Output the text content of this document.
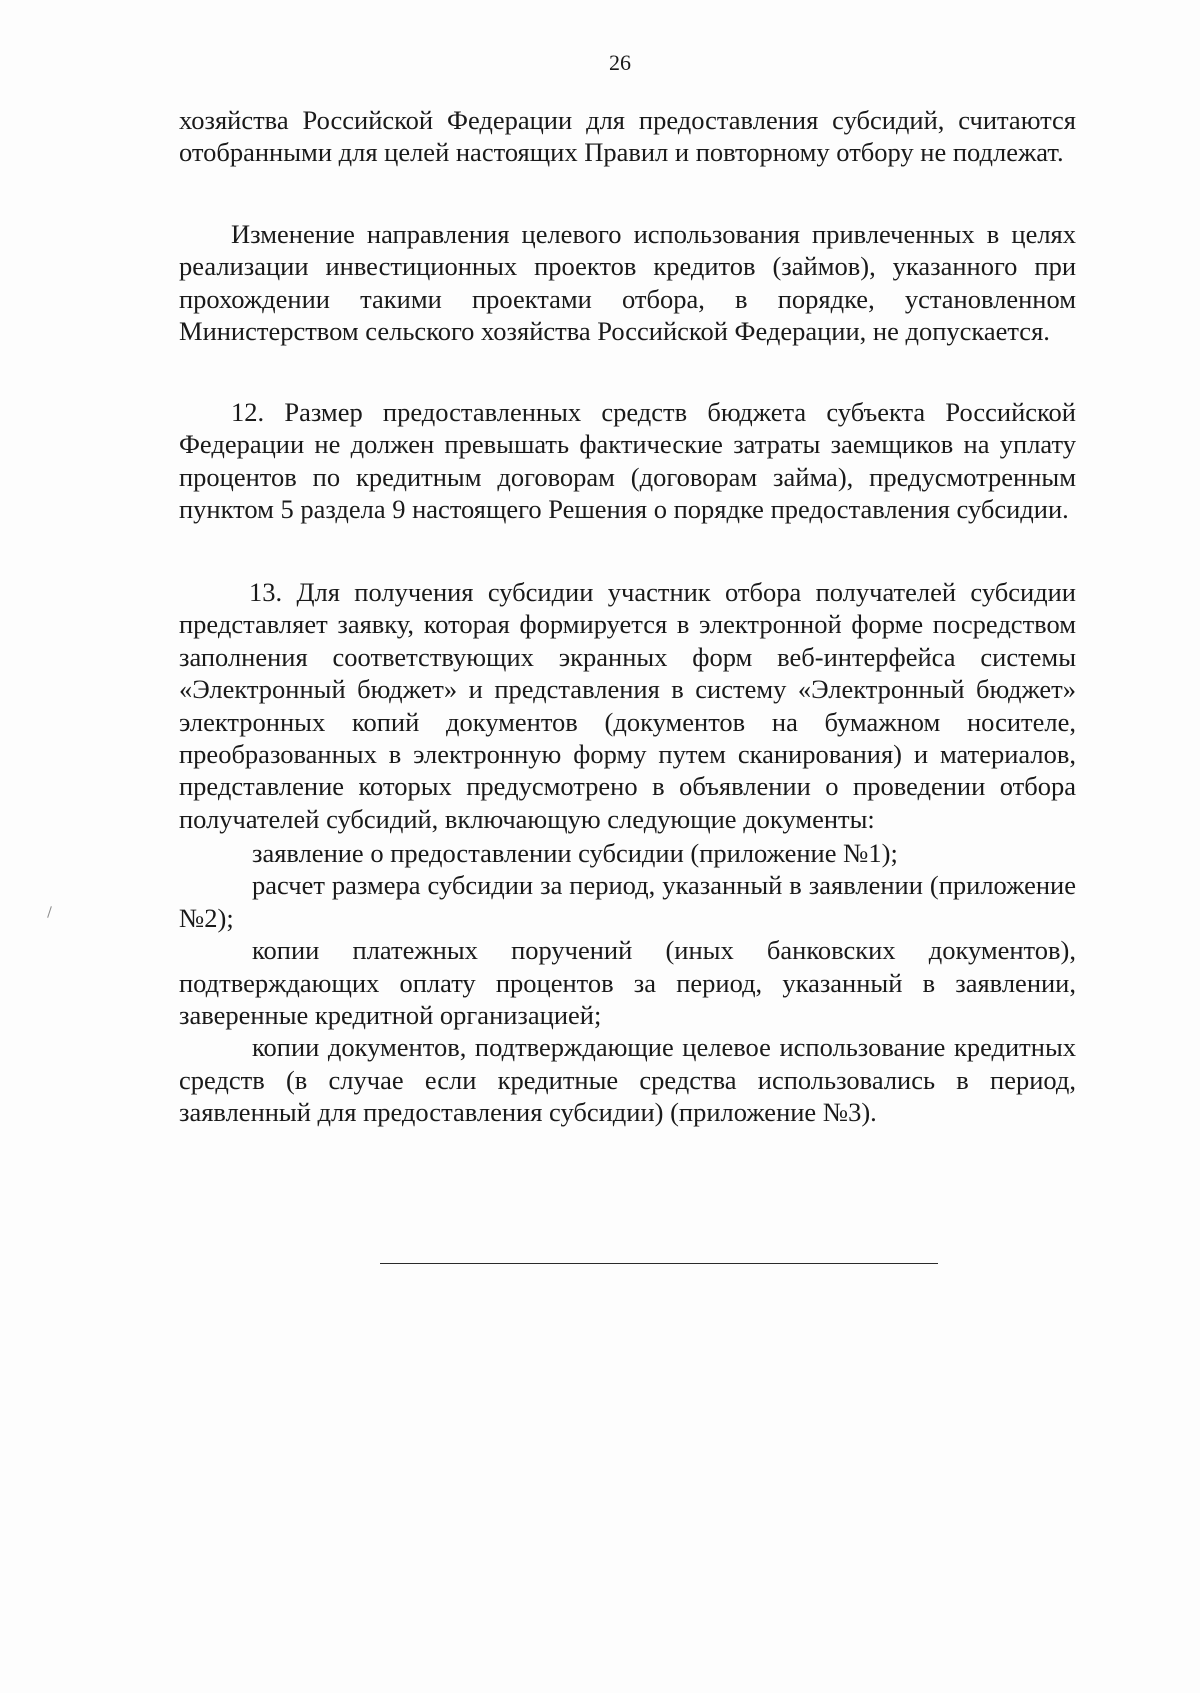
26

хозяйства Российской Федерации для предоставления субсидий, считаются отобранными для целей настоящих Правил и повторному отбору не подлежат.

Изменение направления целевого использования привлеченных в целях реализации инвестиционных проектов кредитов (займов), указанного при прохождении такими проектами отбора, в порядке, установленном Министерством сельского хозяйства Российской Федерации, не допускается.

12. Размер предоставленных средств бюджета субъекта Российской Федерации не должен превышать фактические затраты заемщиков на уплату процентов по кредитным договорам (договорам займа), предусмотренным пунктом 5 раздела 9 настоящего Решения о порядке предоставления субсидии.

13. Для получения субсидии участник отбора получателей субсидии представляет заявку, которая формируется в электронной форме посредством заполнения соответствующих экранных форм веб-интерфейса системы «Электронный бюджет» и представления в систему «Электронный бюджет» электронных копий документов (документов на бумажном носителе, преобразованных в электронную форму путем сканирования) и материалов, представление которых предусмотрено в объявлении о проведении отбора получателей субсидий, включающую следующие документы:

заявление о предоставлении субсидии (приложение №1);

расчет размера субсидии за период, указанный в заявлении (приложение №2);

копии платежных поручений (иных банковских документов), подтверждающих оплату процентов за период, указанный в заявлении, заверенные кредитной организацией;

копии документов, подтверждающие целевое использование кредитных средств (в случае если кредитные средства использовались в период, заявленный для предоставления субсидии) (приложение №3).
